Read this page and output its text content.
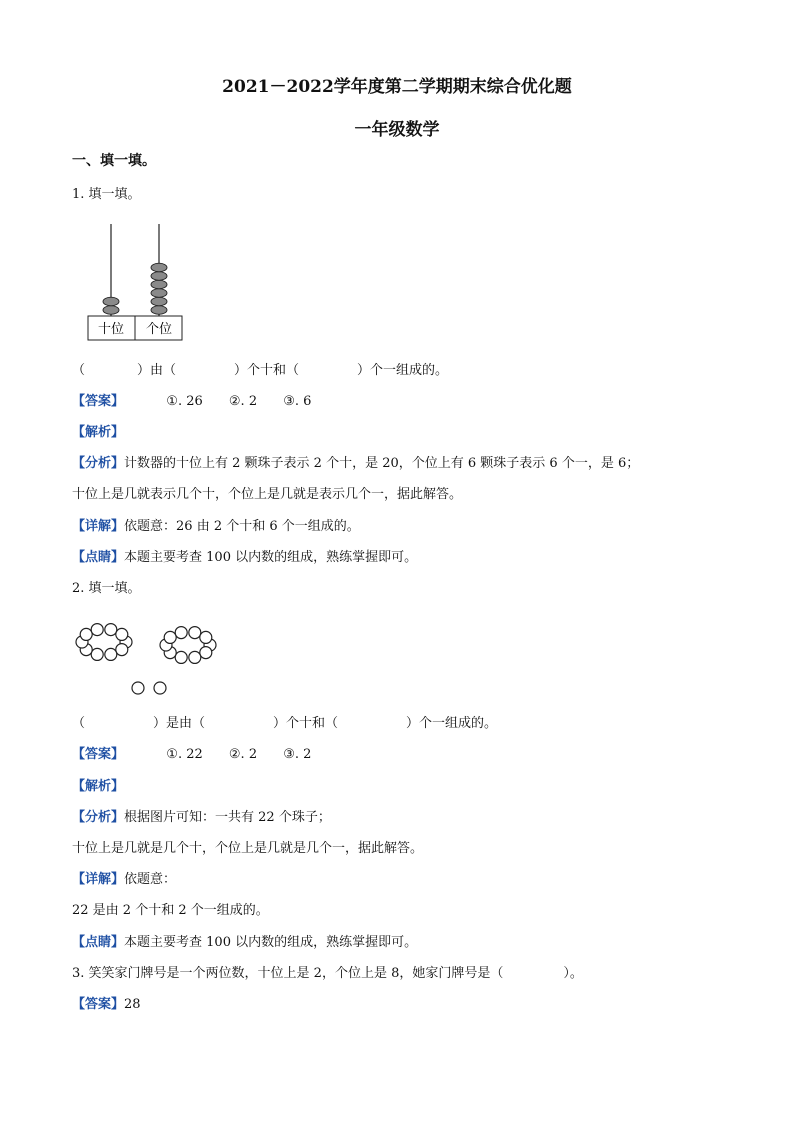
2021－2022学年度第二学期期末综合优化题
一年级数学
一、填一填。
1. 填一填。
十位 个位
（	）由（	）个十和（	）个一组成的。
【答案】	①. 26 ②. 2 ③. 6
【解析】
【分析】计数器的十位上有 2 颗珠子表示 2 个十，是 20，个位上有 6 颗珠子表示 6 个一，是 6；
十位上是几就表示几个十，个位上是几就是表示几个一，据此解答。
【详解】依题意：26 由 2 个十和 6 个一组成的。
【点睛】本题主要考查 100 以内数的组成，熟练掌握即可。
2. 填一填。
（	）是由（	）个十和（	）个一组成的。
【答案】	①. 22 ②. 2 ③. 2
【解析】
【分析】根据图片可知：一共有 22 个珠子；
十位上是几就是几个十，个位上是几就是几个一，据此解答。
【详解】依题意：
22 是由 2 个十和 2 个一组成的。
【点睛】本题主要考查 100 以内数的组成，熟练掌握即可。
3. 笑笑家门牌号是一个两位数，十位上是 2，个位上是 8，她家门牌号是（	）。
【答案】28
